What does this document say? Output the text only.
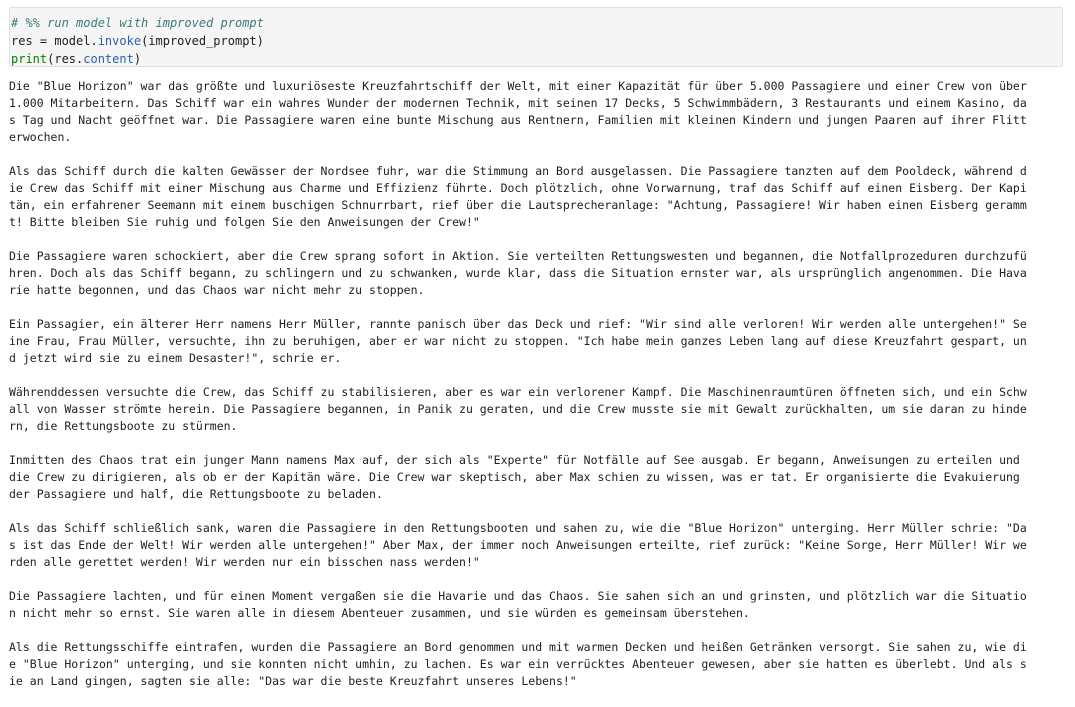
# %% run model with improved prompt
res = model.invoke(improved_prompt)
print(res.content)
Die "Blue Horizon" war das größte und luxuriöseste Kreuzfahrtschiff der Welt, mit einer Kapazität für über 5.000 Passagiere und einer Crew von über
1.000 Mitarbeitern. Das Schiff war ein wahres Wunder der modernen Technik, mit seinen 17 Decks, 5 Schwimmbädern, 3 Restaurants und einem Kasino, da
s Tag und Nacht geöffnet war. Die Passagiere waren eine bunte Mischung aus Rentnern, Familien mit kleinen Kindern und jungen Paaren auf ihrer Flitt
erwochen.
Als das Schiff durch die kalten Gewässer der Nordsee fuhr, war die Stimmung an Bord ausgelassen. Die Passagiere tanzten auf dem Pooldeck, während d
ie Crew das Schiff mit einer Mischung aus Charme und Effizienz führte. Doch plötzlich, ohne Vorwarnung, traf das Schiff auf einen Eisberg. Der Kapi
tän, ein erfahrener Seemann mit einem buschigen Schnurrbart, rief über die Lautsprecheranlage: "Achtung, Passagiere! Wir haben einen Eisberg geramm
t! Bitte bleiben Sie ruhig und folgen Sie den Anweisungen der Crew!"
Die Passagiere waren schockiert, aber die Crew sprang sofort in Aktion. Sie verteilten Rettungswesten und begannen, die Notfallprozeduren durchzufü
hren. Doch als das Schiff begann, zu schlingern und zu schwanken, wurde klar, dass die Situation ernster war, als ursprünglich angenommen. Die Hava
rie hatte begonnen, und das Chaos war nicht mehr zu stoppen.
Ein Passagier, ein älterer Herr namens Herr Müller, rannte panisch über das Deck und rief: "Wir sind alle verloren! Wir werden alle untergehen!" Se
ine Frau, Frau Müller, versuchte, ihn zu beruhigen, aber er war nicht zu stoppen. "Ich habe mein ganzes Leben lang auf diese Kreuzfahrt gespart, un
d jetzt wird sie zu einem Desaster!", schrie er.
Währenddessen versuchte die Crew, das Schiff zu stabilisieren, aber es war ein verlorener Kampf. Die Maschinenraumtüren öffneten sich, und ein Schw
all von Wasser strömte herein. Die Passagiere begannen, in Panik zu geraten, und die Crew musste sie mit Gewalt zurückhalten, um sie daran zu hinde
rn, die Rettungsboote zu stürmen.
Inmitten des Chaos trat ein junger Mann namens Max auf, der sich als "Experte" für Notfälle auf See ausgab. Er begann, Anweisungen zu erteilen und
die Crew zu dirigieren, als ob er der Kapitän wäre. Die Crew war skeptisch, aber Max schien zu wissen, was er tat. Er organisierte die Evakuierung
der Passagiere und half, die Rettungsboote zu beladen.
Als das Schiff schließlich sank, waren die Passagiere in den Rettungsbooten und sahen zu, wie die "Blue Horizon" unterging. Herr Müller schrie: "Da
s ist das Ende der Welt! Wir werden alle untergehen!" Aber Max, der immer noch Anweisungen erteilte, rief zurück: "Keine Sorge, Herr Müller! Wir we
rden alle gerettet werden! Wir werden nur ein bisschen nass werden!"
Die Passagiere lachten, und für einen Moment vergaßen sie die Havarie und das Chaos. Sie sahen sich an und grinsten, und plötzlich war die Situatio
n nicht mehr so ernst. Sie waren alle in diesem Abenteuer zusammen, und sie würden es gemeinsam überstehen.
Als die Rettungsschiffe eintrafen, wurden die Passagiere an Bord genommen und mit warmen Decken und heißen Getränken versorgt. Sie sahen zu, wie di
e "Blue Horizon" unterging, und sie konnten nicht umhin, zu lachen. Es war ein verrücktes Abenteuer gewesen, aber sie hatten es überlebt. Und als s
ie an Land gingen, sagten sie alle: "Das war die beste Kreuzfahrt unseres Lebens!"
